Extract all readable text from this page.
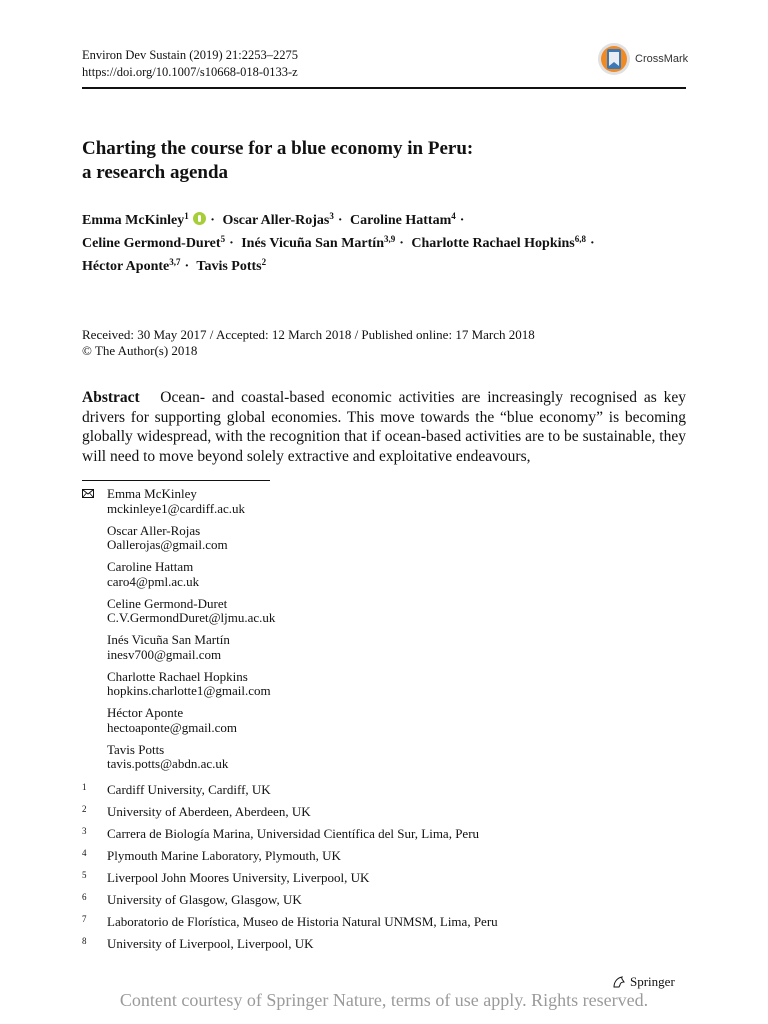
Environ Dev Sustain (2019) 21:2253–2275
https://doi.org/10.1007/s10668-018-0133-z
CrossMark
Charting the course for a blue economy in Peru:
a research agenda
Emma McKinley$^1$ · Oscar Aller-Rojas$^3$ · Caroline Hattam$^4$ ·
Celine Germond-Duret$^5$ · Inés Vicuña San Martín$^{3,9}$ · Charlotte Rachael Hopkins$^{6,8}$ ·
Héctor Aponte$^{3,7}$ · Tavis Potts$^2$
Received: 30 May 2017 / Accepted: 12 March 2018 / Published online: 17 March 2018
© The Author(s) 2018
Abstract Ocean- and coastal-based economic activities are increasingly recognised as key drivers for supporting global economies. This move towards the “blue economy” is becoming globally widespread, with the recognition that if ocean-based activities are to be sustainable, they will need to move beyond solely extractive and exploitative endeavours,
Emma McKinley
mckinleye1@cardiff.ac.uk
Oscar Aller-Rojas
Oallerojas@gmail.com
Caroline Hattam
caro4@pml.ac.uk
Celine Germond-Duret
C.V.GermondDuret@ljmu.ac.uk
Inés Vicuña San Martín
inesv700@gmail.com
Charlotte Rachael Hopkins
hopkins.charlotte1@gmail.com
Héctor Aponte
hectoaponte@gmail.com
Tavis Potts
tavis.potts@abdn.ac.uk
1 Cardiff University, Cardiff, UK
2 University of Aberdeen, Aberdeen, UK
3 Carrera de Biología Marina, Universidad Científica del Sur, Lima, Peru
4 Plymouth Marine Laboratory, Plymouth, UK
5 Liverpool John Moores University, Liverpool, UK
6 University of Glasgow, Glasgow, UK
7 Laboratorio de Florística, Museo de Historia Natural UNMSM, Lima, Peru
8 University of Liverpool, Liverpool, UK
Springer
Content courtesy of Springer Nature, terms of use apply. Rights reserved.
